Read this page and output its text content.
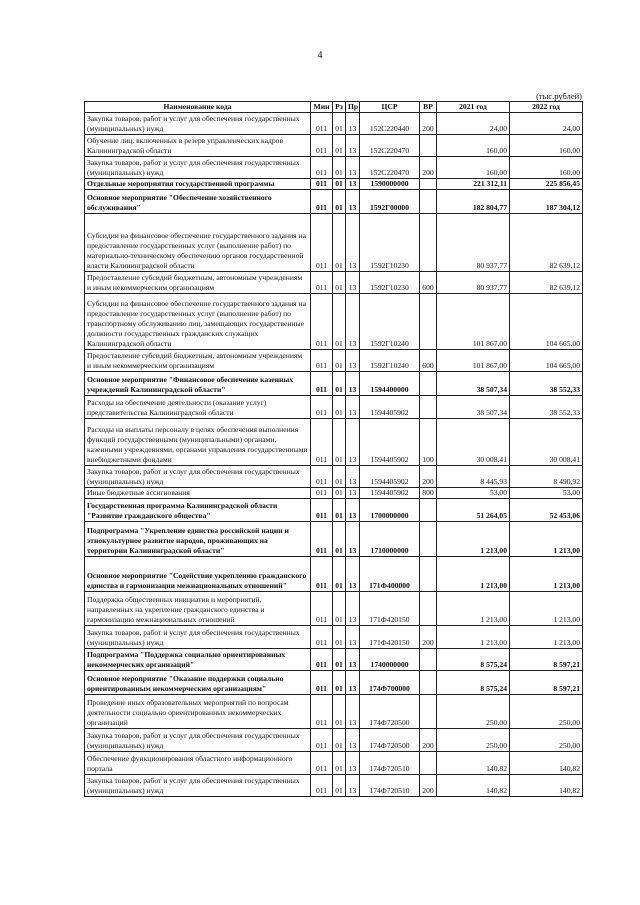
4
(тыс.рублей)
Наименование кода	Мин	Рз	Пр	ЦСР	ВР	2021 год	2022 год
Закупка товаров, работ и услуг для обеспечения государственных (муниципальных) нужд	011	01	13	152С220440	200	24,00	24,00
Обучение лиц, включенных в резерв управленческих кадров Калининградской области	011	01	13	152С220470		160,00	160,00
Закупка товаров, работ и услуг для обеспечения государственных (муниципальных) нужд	011	01	13	152С220470	200	160,00	160,00
Отдельные мероприятия государственной программы	011	01	13	1590000000		221 312,11	225 856,45
Основное мероприятие "Обеспечение хозяйственного обслуживания"	011	01	13	1592Г00000		182 804,77	187 304,12
Субсидии на финансовое обеспечение государственного задания на предоставление государственных услуг (выполнение работ) по материально-техническому обеспечению органов государственной власти Калининградской области	011	01	13	1592Г10230		80 937,77	82 639,12
Предоставление субсидий бюджетным, автономным учреждениям и иным некоммерческим организациям	011	01	13	1592Г10230	600	80 937,77	82 639,12
Субсидии на финансовое обеспечение государственного задания на предоставление государственных услуг (выполнение работ) по транспортному обслуживанию лиц, замещающих государственные должности государственных гражданских служащих Калининградской области	011	01	13	1592Г10240		101 867,00	104 665,00
Предоставление субсидий бюджетным, автономным учреждениям и иным некоммерческим организациям	011	01	13	1592Г10240	600	101 867,00	104 665,00
Основное мероприятие "Финансовое обеспечение казенных учреждений Калининградской области"	011	01	13	1594400000		38 507,34	38 552,33
Расходы на обеспечение деятельности (оказание услуг) представительства Калининградской области	011	01	13	1594405902		38 507,34	38 552,33
Расходы на выплаты персоналу в целях обеспечения выполнения функций государственными (муниципальными) органами, казенными учреждениями, органами управления государственными внебюджетными фондами	011	01	13	1594405902	100	30 008,41	30 008,41
Закупка товаров, работ и услуг для обеспечения государственных (муниципальных) нужд	011	01	13	1594405902	200	8 445,93	8 490,92
Иные бюджетные ассигнования	011	01	13	1594405902	800	53,00	53,00
Государственная программа Калининградской области "Развитие гражданского общества"	011	01	13	1700000000		51 264,05	52 453,06
Подпрограмма "Укрепление единства российской нации и этнокультурное развитие народов, проживающих на территории Калининградской области"	011	01	13	1710000000		1 213,00	1 213,00
Основное мероприятие "Содействие укреплению гражданского единства и гармонизации межнациональных отношений"	011	01	13	171Ф400000		1 213,00	1 213,00
Поддержка общественных инициатив и мероприятий, направленных на укрепление гражданского единства и гармонизацию межнациональных отношений	011	01	13	171Ф420150		1 213,00	1 213,00
Закупка товаров, работ и услуг для обеспечения государственных (муниципальных) нужд	011	01	13	171Ф420150	200	1 213,00	1 213,00
Подпрограмма "Поддержка социально ориентированных некоммерческих организаций"	011	01	13	1740000000		8 575,24	8 597,21
Основное мероприятие "Оказание поддержки социально ориентированным некоммерческим организациям"	011	01	13	174Ф700000		8 575,24	8 597,21
Проведение иных образовательных мероприятий по вопросам деятельности социально ориентированных некоммерческих организаций	011	01	13	174Ф720500		250,00	250,00
Закупка товаров, работ и услуг для обеспечения государственных (муниципальных) нужд	011	01	13	174Ф720500	200	250,00	250,00
Обеспечение функционирования областного информационного портала	011	01	13	174Ф720510		140,82	140,82
Закупка товаров, работ и услуг для обеспечения государственных (муниципальных) нужд	011	01	13	174Ф720510	200	140,82	140,82
